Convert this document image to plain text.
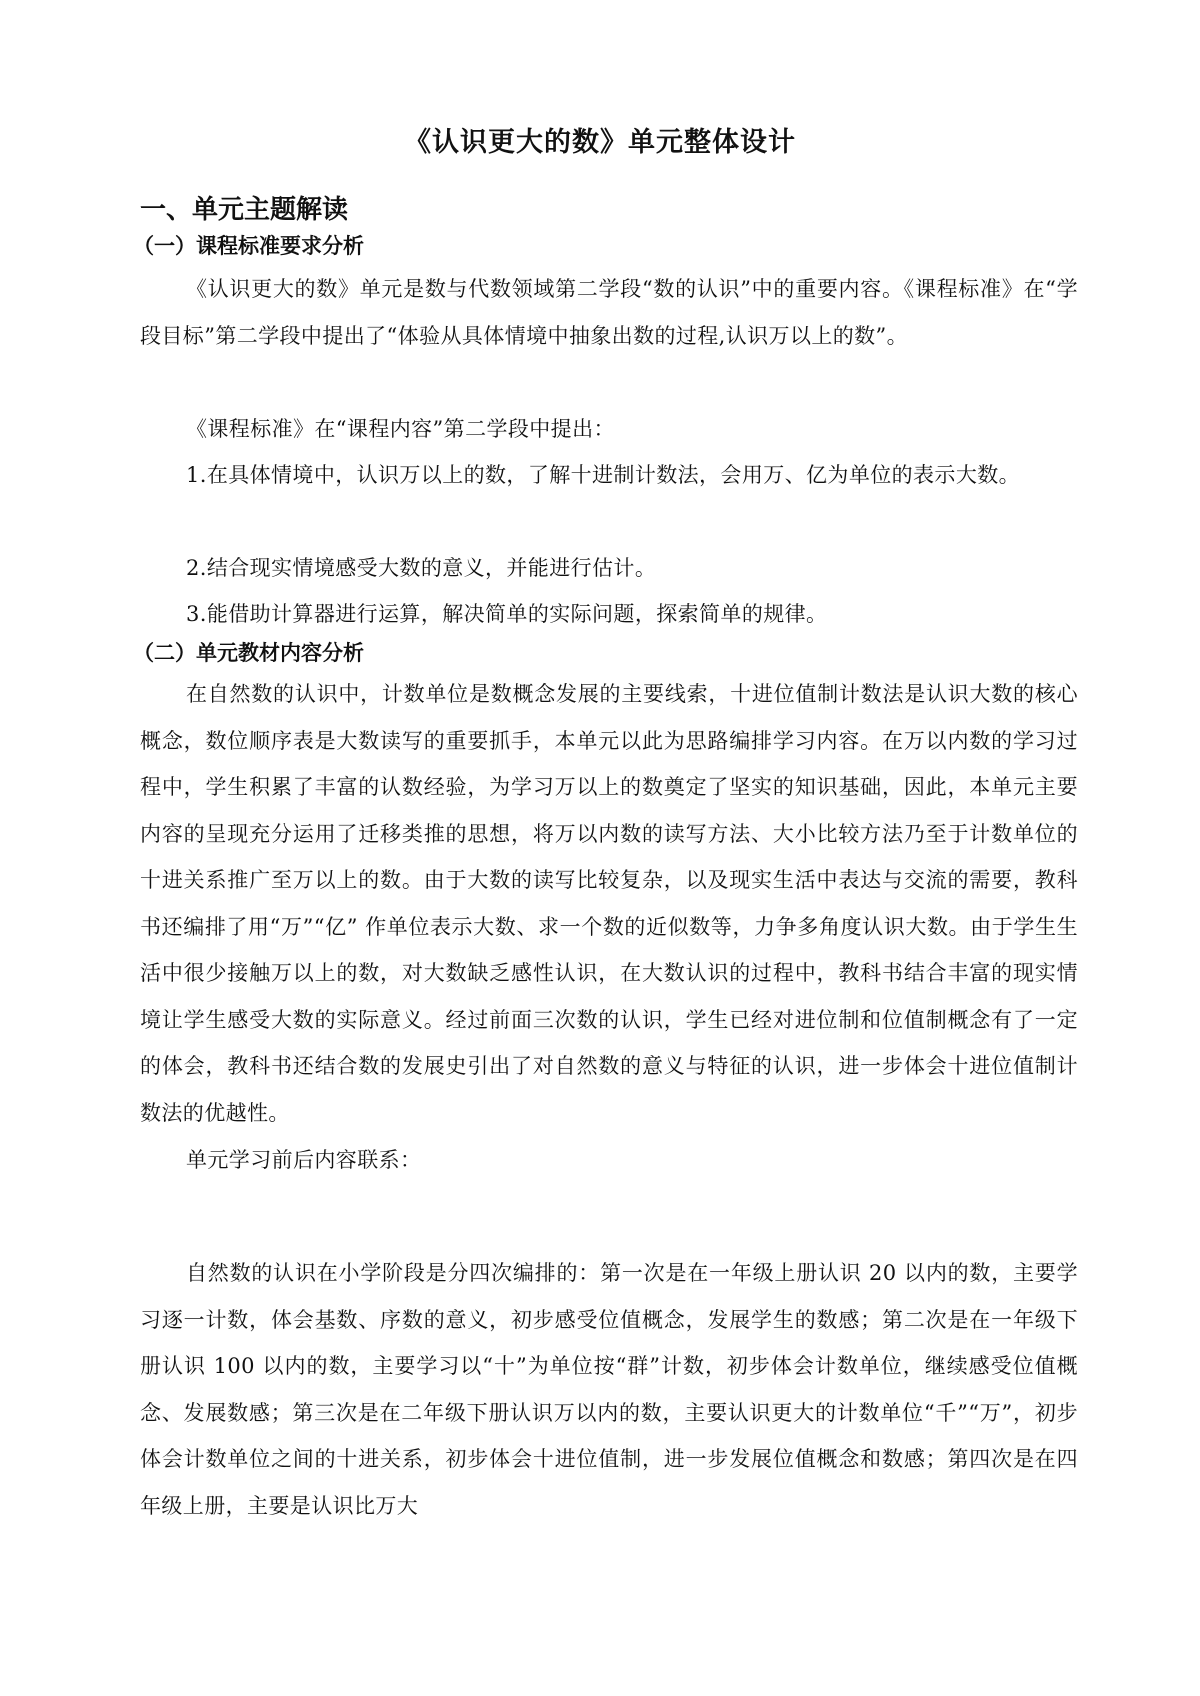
《认识更大的数》单元整体设计
一、单元主题解读
（一）课程标准要求分析
《认识更大的数》单元是数与代数领域第二学段“数的认识”中的重要内容。《课程标准》在“学段目标”第二学段中提出了“体验从具体情境中抽象出数的过程,认识万以上的数”。
《课程标准》在“课程内容”第二学段中提出：
1.在具体情境中，认识万以上的数，了解十进制计数法，会用万、亿为单位的表示大数。
2.结合现实情境感受大数的意义，并能进行估计。
3.能借助计算器进行运算，解决简单的实际问题，探索简单的规律。
（二）单元教材内容分析
在自然数的认识中，计数单位是数概念发展的主要线索，十进位值制计数法是认识大数的核心概念，数位顺序表是大数读写的重要抓手，本单元以此为思路编排学习内容。在万以内数的学习过程中，学生积累了丰富的认数经验，为学习万以上的数奠定了坚实的知识基础，因此，本单元主要内容的呈现充分运用了迁移类推的思想，将万以内数的读写方法、大小比较方法乃至于计数单位的十进关系推广至万以上的数。由于大数的读写比较复杂，以及现实生活中表达与交流的需要，教科书还编排了用“万”“亿” 作单位表示大数、求一个数的近似数等，力争多角度认识大数。由于学生生活中很少接触万以上的数，对大数缺乏感性认识，在大数认识的过程中，教科书结合丰富的现实情境让学生感受大数的实际意义。经过前面三次数的认识，学生已经对进位制和位值制概念有了一定的体会，教科书还结合数的发展史引出了对自然数的意义与特征的认识，进一步体会十进位值制计数法的优越性。
单元学习前后内容联系：
自然数的认识在小学阶段是分四次编排的：第一次是在一年级上册认识 20 以内的数，主要学习逐一计数，体会基数、序数的意义，初步感受位值概念，发展学生的数感；第二次是在一年级下册认识 100 以内的数，主要学习以“十”为单位按“群”计数，初步体会计数单位，继续感受位值概念、发展数感；第三次是在二年级下册认识万以内的数，主要认识更大的计数单位“千”“万”，初步体会计数单位之间的十进关系，初步体会十进位值制，进一步发展位值概念和数感；第四次是在四年级上册，主要是认识比万大
